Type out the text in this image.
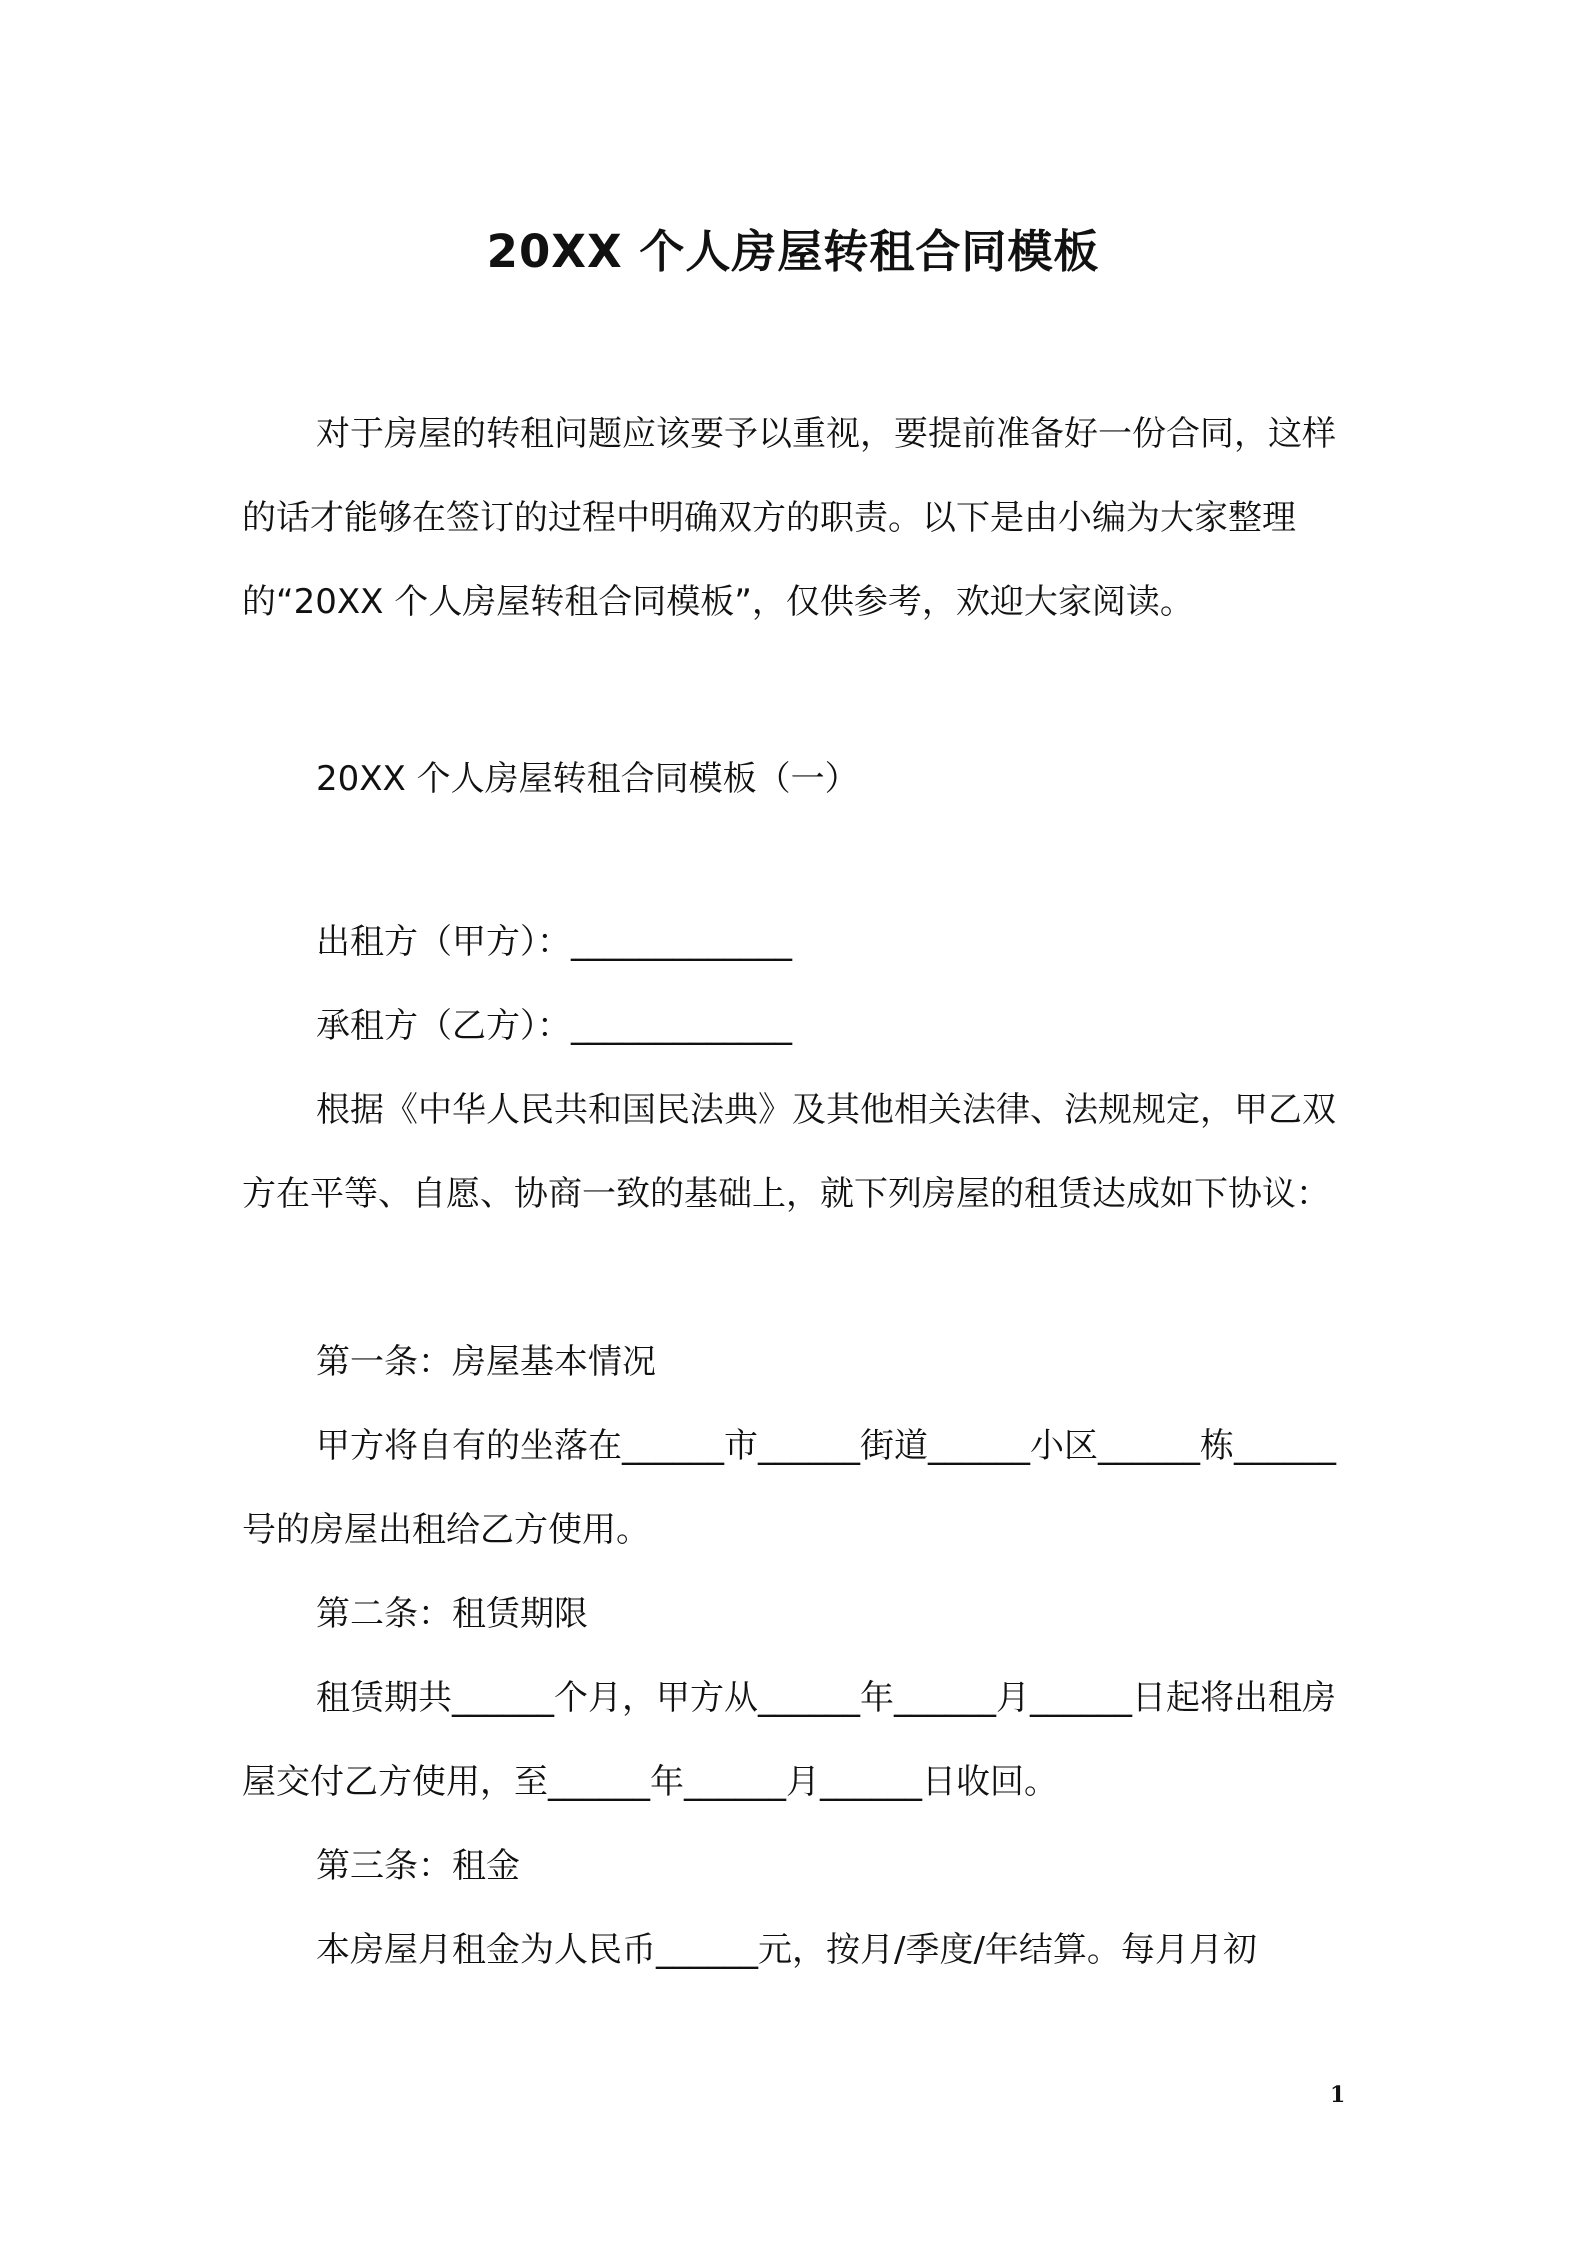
20XX 个人房屋转租合同模板

对于房屋的转租问题应该要予以重视，要提前准备好一份合同，这样的话才能够在签订的过程中明确双方的职责。以下是由小编为大家整理的“20XX 个人房屋转租合同模板”，仅供参考，欢迎大家阅读。

20XX 个人房屋转租合同模板（一）

出租方（甲方）：_____________

承租方（乙方）：_____________

根据《中华人民共和国民法典》及其他相关法律、法规规定，甲乙双方在平等、自愿、协商一致的基础上，就下列房屋的租赁达成如下协议：

第一条：房屋基本情况

甲方将自有的坐落在______市______街道______小区______栋______号的房屋出租给乙方使用。

第二条：租赁期限

租赁期共______个月，甲方从______年______月______日起将出租房屋交付乙方使用，至______年______月______日收回。

第三条：租金

本房屋月租金为人民币______元，按月/季度/年结算。每月月初

1
